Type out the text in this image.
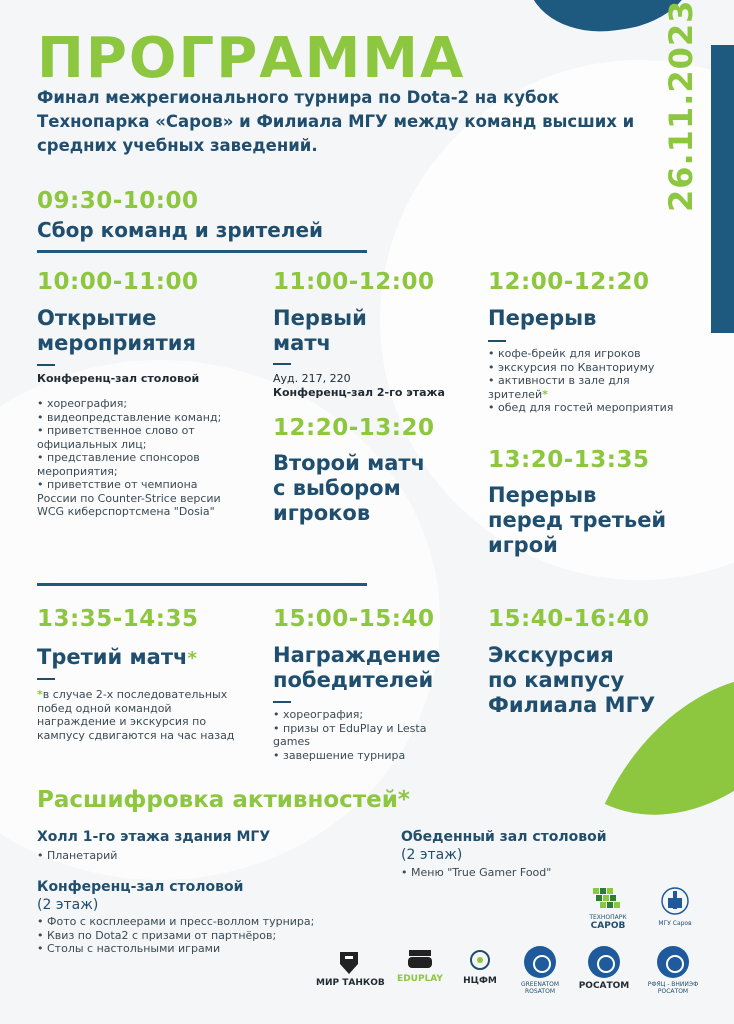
ПРОГРАММА
Финал межрегионального турнира по Dota-2 на кубок Технопарка «Саров» и Филиала МГУ между команд высших и средних учебных заведений.
09:30-10:00
Сбор команд и зрителей
10:00-11:00
Открытие
мероприятия
Конференц-зал столовой
• хореография;
• видеопредставление команд;
• приветственное слово от официальных лиц;
• представление спонсоров мероприятия;
• приветствие от чемпиона России по Counter-Strice версии WCG киберспортсмена "Dosia"
11:00-12:00
Первый
матч
Ауд. 217, 220
Конференц-зал 2-го этажа
12:20-13:20
Второй матч
с выбором
игроков
12:00-12:20
Перерыв
• кофе-брейк для игроков
• экскурсия по Кванториуму
• активности в зале для зрителей*
• обед для гостей мероприятия
13:20-13:35
Перерыв
перед третьей
игрой
13:35-14:35
Третий матч*
*в случае 2-х последовательных побед одной командой награждение и экскурсия по кампусу сдвигаются на час назад
15:00-15:40
Награждение
победителей
• хореография;
• призы от EduPlay и Lesta games
• завершение турнира
15:40-16:40
Экскурсия
по кампусу
Филиала МГУ
Расшифровка активностей*
Холл 1-го этажа здания МГУ
• Планетарий
Конференц-зал столовой
(2 этаж)
• Фото с косплеерами и пресс-воллом турнира;
• Квиз по Dota2 с призами от партнёров;
• Столы с настольными играми
Обеденный зал столовой
(2 этаж)
• Меню "True Gamer Food"
ТЕХНОПАРК
САРОВ	МГУ Саров
МИР ТАНКОВ	EDUPLAY	НЦФМ	GREENATOM
ROSATOM
РОСАТОМ	РФЯЦ - ВНИИЭФ
РОСАТОМ
